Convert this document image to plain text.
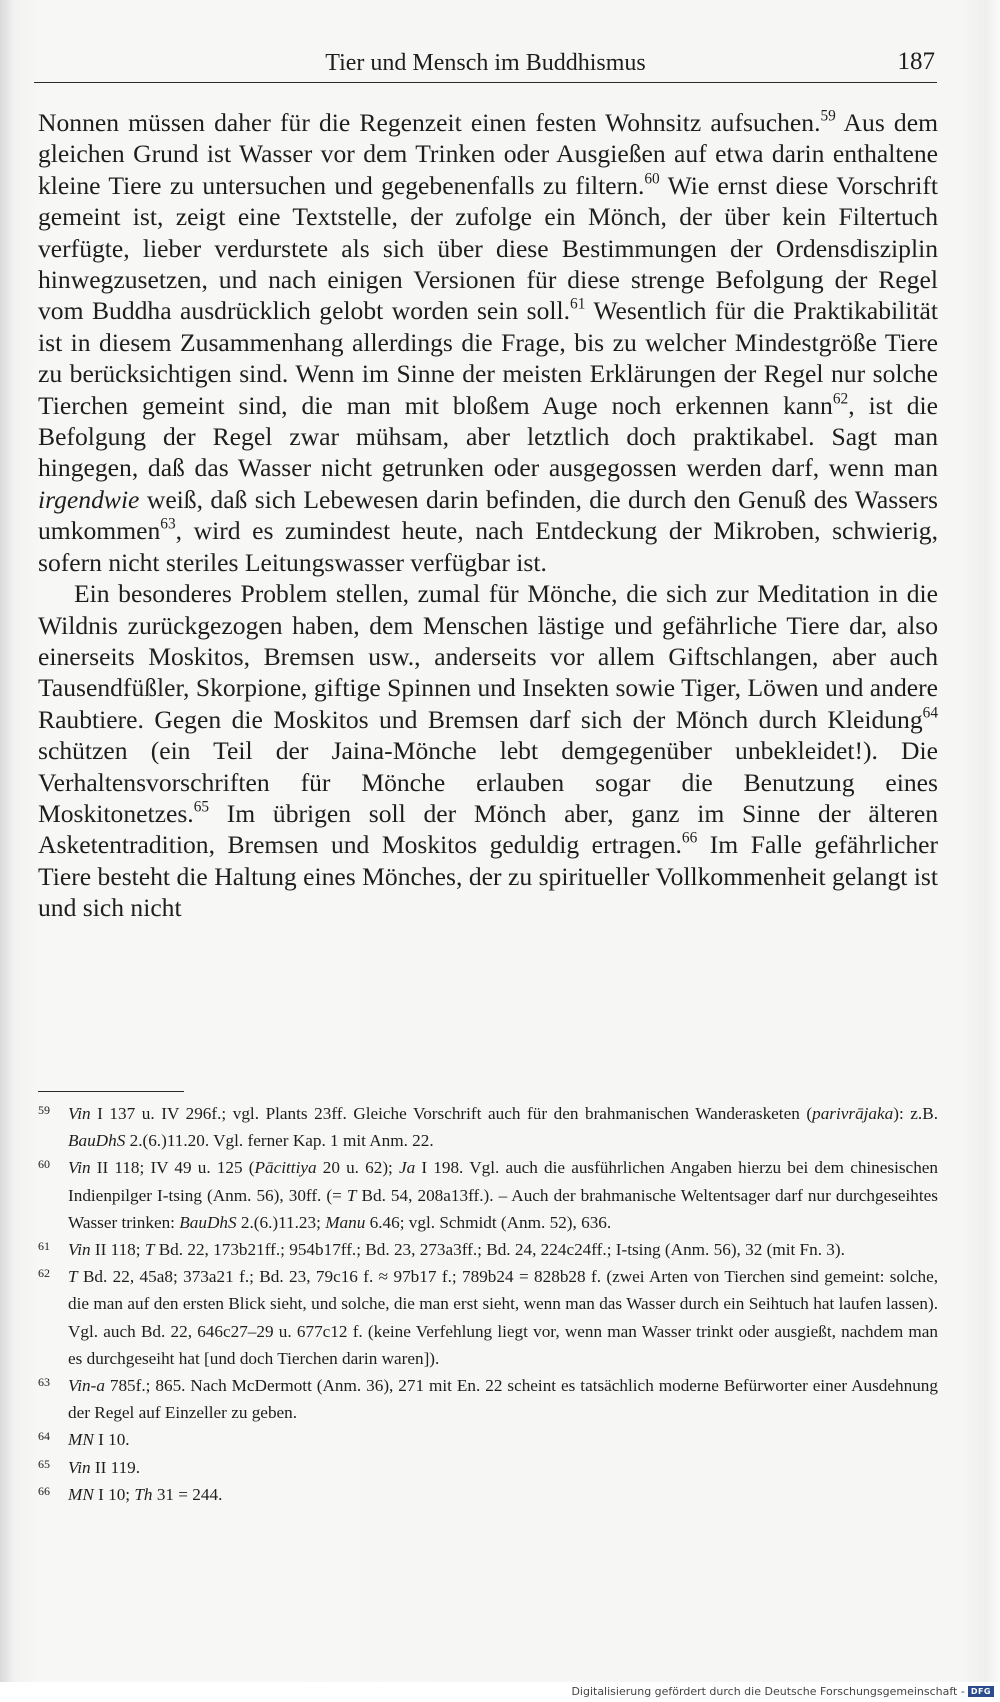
Tier und Mensch im Buddhismus	187

Nonnen müssen daher für die Regenzeit einen festen Wohnsitz aufsuchen.$^{59}$ Aus dem gleichen Grund ist Wasser vor dem Trinken oder Ausgießen auf etwa darin enthaltene kleine Tiere zu untersuchen und gegebenenfalls zu filtern.$^{60}$ Wie ernst diese Vorschrift gemeint ist, zeigt eine Textstelle, der zufolge ein Mönch, der über kein Filtertuch verfügte, lieber verdurstete als sich über diese Bestimmungen der Ordensdisziplin hinwegzusetzen, und nach einigen Versionen für diese strenge Befolgung der Regel vom Buddha ausdrücklich gelobt worden sein soll.$^{61}$ Wesentlich für die Praktikabilität ist in diesem Zusammenhang allerdings die Frage, bis zu welcher Mindestgröße Tiere zu berücksichtigen sind. Wenn im Sinne der meisten Erklärungen der Regel nur solche Tierchen gemeint sind, die man mit bloßem Auge noch erkennen kann$^{62}$, ist die Befolgung der Regel zwar mühsam, aber letztlich doch praktikabel. Sagt man hingegen, daß das Wasser nicht getrunken oder ausgegossen werden darf, wenn man irgendwie weiß, daß sich Lebewesen darin befinden, die durch den Genuß des Wassers umkommen$^{63}$, wird es zumindest heute, nach Entdeckung der Mikroben, schwierig, sofern nicht steriles Leitungswasser verfügbar ist.

Ein besonderes Problem stellen, zumal für Mönche, die sich zur Meditation in die Wildnis zurückgezogen haben, dem Menschen lästige und gefährliche Tiere dar, also einerseits Moskitos, Bremsen usw., anderseits vor allem Giftschlangen, aber auch Tausendfüßler, Skorpione, giftige Spinnen und Insekten sowie Tiger, Löwen und andere Raubtiere. Gegen die Moskitos und Bremsen darf sich der Mönch durch Kleidung$^{64}$ schützen (ein Teil der Jaina-Mönche lebt demgegenüber unbekleidet!). Die Verhaltensvorschriften für Mönche erlauben sogar die Benutzung eines Moskitonetzes.$^{65}$ Im übrigen soll der Mönch aber, ganz im Sinne der älteren Asketentradition, Bremsen und Moskitos geduldig ertragen.$^{66}$ Im Falle gefährlicher Tiere besteht die Haltung eines Mönches, der zu spiritueller Vollkommenheit gelangt ist und sich nicht

59 Vin I 137 u. IV 296f.; vgl. Plants 23ff. Gleiche Vorschrift auch für den brahmanischen Wanderasketen (parivrājaka): z.B. BauDhS 2.(6.)11.20. Vgl. ferner Kap. 1 mit Anm. 22.
60 Vin II 118; IV 49 u. 125 (Pācittiya 20 u. 62); Ja I 198. Vgl. auch die ausführlichen Angaben hierzu bei dem chinesischen Indienpilger I-tsing (Anm. 56), 30ff. (= T Bd. 54, 208a13ff.). – Auch der brahmanische Weltentsager darf nur durchgeseihtes Wasser trinken: BauDhS 2.(6.)11.23; Manu 6.46; vgl. Schmidt (Anm. 52), 636.
61 Vin II 118; T Bd. 22, 173b21ff.; 954b17ff.; Bd. 23, 273a3ff.; Bd. 24, 224c24ff.; I-tsing (Anm. 56), 32 (mit Fn. 3).
62 T Bd. 22, 45a8; 373a21 f.; Bd. 23, 79c16 f. ≈ 97b17 f.; 789b24 = 828b28 f. (zwei Arten von Tierchen sind gemeint: solche, die man auf den ersten Blick sieht, und solche, die man erst sieht, wenn man das Wasser durch ein Seihtuch hat laufen lassen). Vgl. auch Bd. 22, 646c27–29 u. 677c12 f. (keine Verfehlung liegt vor, wenn man Wasser trinkt oder ausgießt, nachdem man es durchgeseiht hat [und doch Tierchen darin waren]).
63 Vin-a 785f.; 865. Nach McDermott (Anm. 36), 271 mit En. 22 scheint es tatsächlich moderne Befürworter einer Ausdehnung der Regel auf Einzeller zu geben.
64 MN I 10.
65 Vin II 119.
66 MN I 10; Th 31 = 244.
Digitalisierung gefördert durch die Deutsche Forschungsgemeinschaft - DFG
